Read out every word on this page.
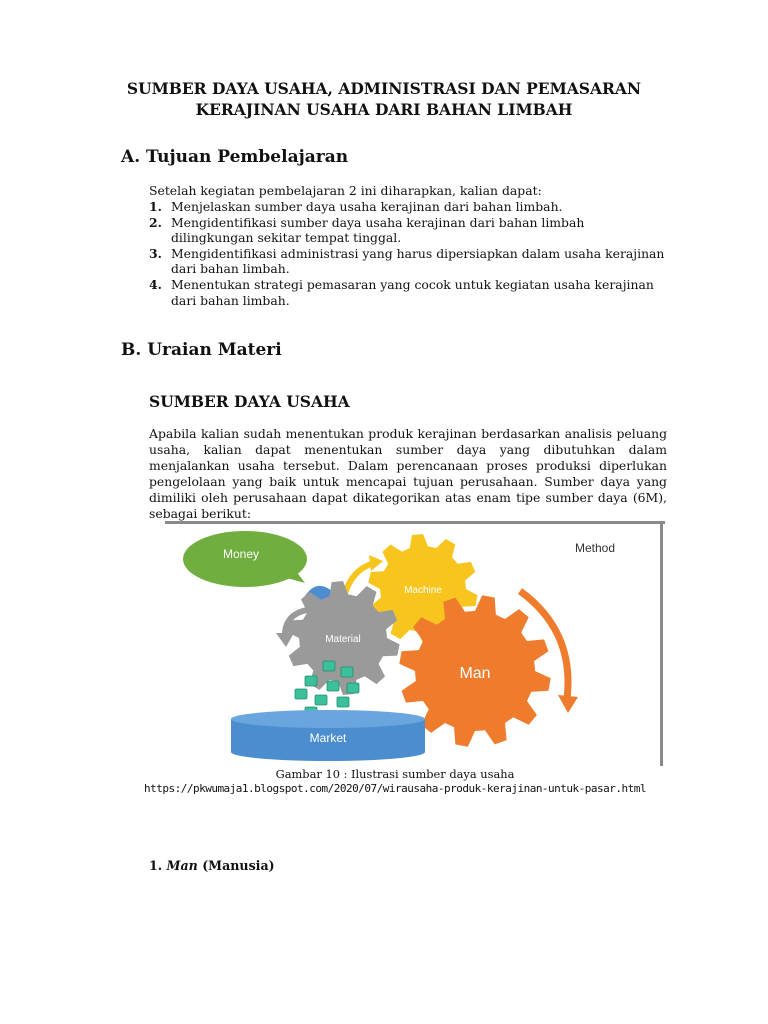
SUMBER DAYA USAHA, ADMINISTRASI DAN PEMASARAN
KERAJINAN USAHA DARI BAHAN LIMBAH
A. Tujuan Pembelajaran
Setelah kegiatan pembelajaran 2 ini diharapkan, kalian dapat:
1. Menjelaskan sumber daya usaha kerajinan dari bahan limbah.
2. Mengidentifikasi sumber daya usaha kerajinan dari bahan limbah dilingkungan sekitar tempat tinggal.
3. Mengidentifikasi administrasi yang harus dipersiapkan dalam usaha kerajinan dari bahan limbah.
4. Menentukan strategi pemasaran yang cocok untuk kegiatan usaha kerajinan dari bahan limbah.
B. Uraian Materi
SUMBER DAYA USAHA
Apabila kalian sudah menentukan produk kerajinan berdasarkan analisis peluang usaha, kalian dapat menentukan sumber daya yang dibutuhkan dalam menjalankan usaha tersebut. Dalam perencanaan proses produksi diperlukan pengelolaan yang baik untuk mencapai tujuan perusahaan. Sumber daya yang dimiliki oleh perusahaan dapat dikategorikan atas enam tipe sumber daya (6M), sebagai berikut:
Money	Method
Machine
Material
Man
Market
Gambar 10 : Ilustrasi sumber daya usaha
https://pkwumaja1.blogspot.com/2020/07/wirausaha-produk-kerajinan-untuk-pasar.html
1. Man (Manusia)
